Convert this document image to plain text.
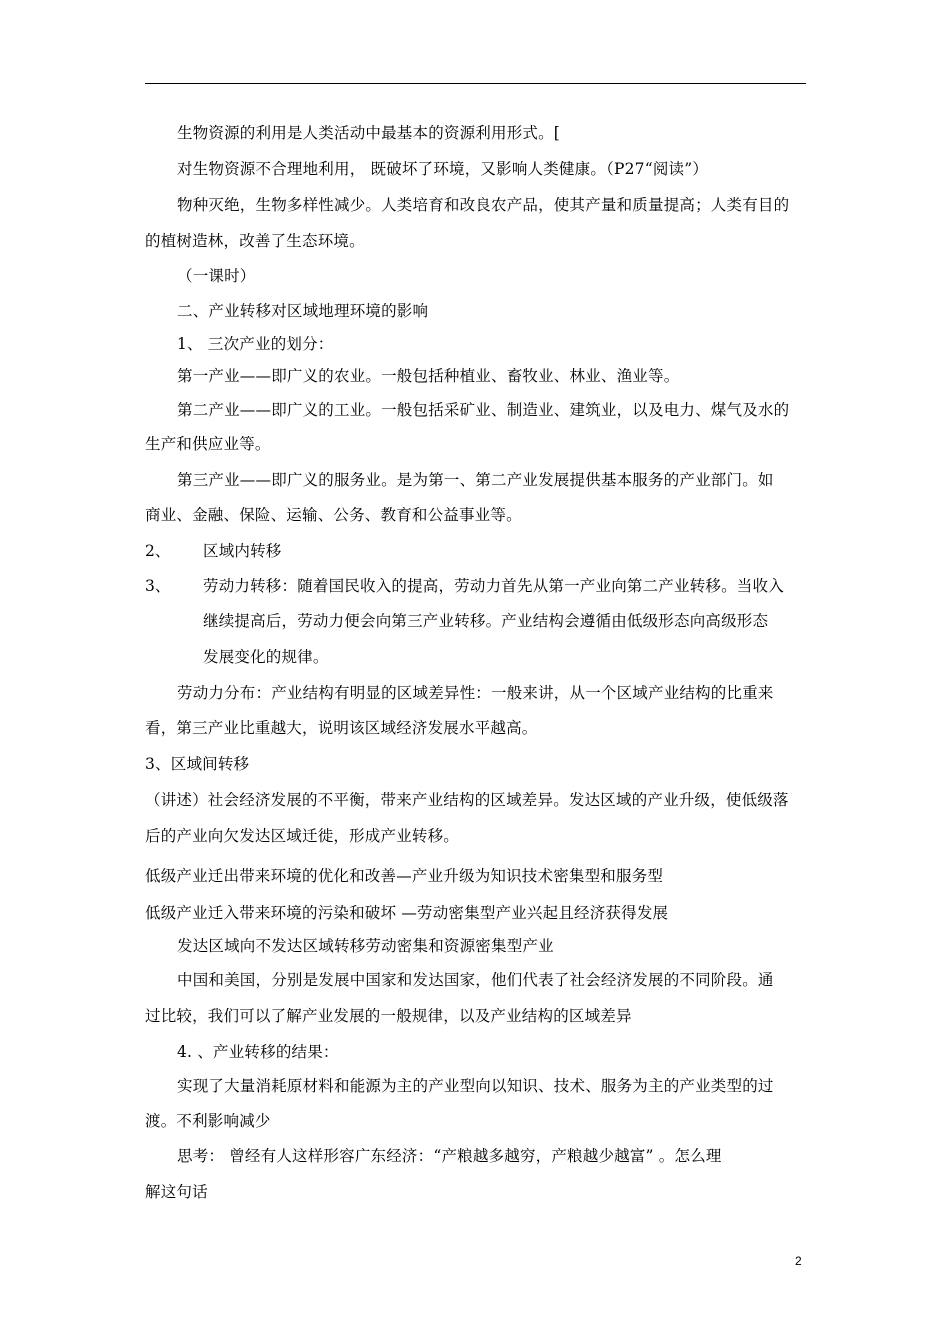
生物资源的利用是人类活动中最基本的资源利用形式。[
对生物资源不合理地利用， 既破坏了环境，又影响人类健康。（P27“阅读”）
物种灭绝，生物多样性减少。人类培育和改良农产品，使其产量和质量提高；人类有目的
的植树造林，改善了生态环境。
（一课时）
二、产业转移对区域地理环境的影响
1、 三次产业的划分：
第一产业——即广义的农业。一般包括种植业、畜牧业、林业、渔业等。
第二产业——即广义的工业。一般包括采矿业、制造业、建筑业，以及电力、煤气及水的
生产和供应业等。
第三产业——即广义的服务业。是为第一、第二产业发展提供基本服务的产业部门。如
商业、金融、保险、运输、公务、教育和公益事业等。
2、 区域内转移
3、 劳动力转移：随着国民收入的提高，劳动力首先从第一产业向第二产业转移。当收入
继续提高后，劳动力便会向第三产业转移。产业结构会遵循由低级形态向高级形态
发展变化的规律。
劳动力分布：产业结构有明显的区域差异性：一般来讲，从一个区域产业结构的比重来
看，第三产业比重越大，说明该区域经济发展水平越高。
3、区域间转移
（讲述）社会经济发展的不平衡，带来产业结构的区域差异。发达区域的产业升级，使低级落
后的产业向欠发达区域迁徙，形成产业转移。
低级产业迁出带来环境的优化和改善—产业升级为知识技术密集型和服务型
低级产业迁入带来环境的污染和破坏 —劳动密集型产业兴起且经济获得发展
发达区域向不发达区域转移劳动密集和资源密集型产业
中国和美国，分别是发展中国家和发达国家，他们代表了社会经济发展的不同阶段。通
过比较，我们可以了解产业发展的一般规律，以及产业结构的区域差异
4. 、产业转移的结果：
实现了大量消耗原材料和能源为主的产业型向以知识、技术、服务为主的产业类型的过
渡。不利影响减少
思考： 曾经有人这样形容广东经济：“产粮越多越穷，产粮越少越富” 。怎么理
解这句话
2
